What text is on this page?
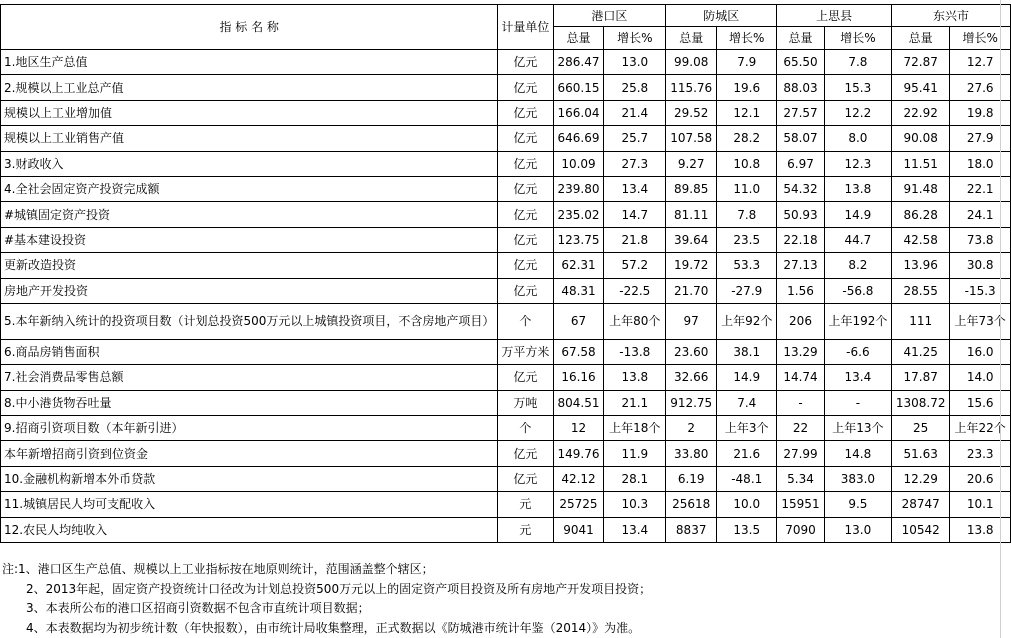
指 标 名 称	计量单位	港口区		防城区		上思县		东兴市	
		总量	增长%	总量	增长%	总量	增长%	总量	增长%
1.地区生产总值	亿元	286.47	13.0	99.08	7.9	65.50	7.8	72.87	12.7
2.规模以上工业总产值	亿元	660.15	25.8	115.76	19.6	88.03	15.3	95.41	27.6
规模以上工业增加值	亿元	166.04	21.4	29.52	12.1	27.57	12.2	22.92	19.8
规模以上工业销售产值	亿元	646.69	25.7	107.58	28.2	58.07	8.0	90.08	27.9
3.财政收入	亿元	10.09	27.3	9.27	10.8	6.97	12.3	11.51	18.0
4.全社会固定资产投资完成额	亿元	239.80	13.4	89.85	11.0	54.32	13.8	91.48	22.1
#城镇固定资产投资	亿元	235.02	14.7	81.11	7.8	50.93	14.9	86.28	24.1
#基本建设投资	亿元	123.75	21.8	39.64	23.5	22.18	44.7	42.58	73.8
更新改造投资	亿元	62.31	57.2	19.72	53.3	27.13	8.2	13.96	30.8
房地产开发投资	亿元	48.31	-22.5	21.70	-27.9	1.56	-56.8	28.55	-15.3
5.本年新纳入统计的投资项目数（计划总投资500万元以上城镇投资项目，不含房地产项目）	个	67	上年80个	97	上年92个	206	上年192个	111	上年73个
6.商品房销售面积	万平方米	67.58	-13.8	23.60	38.1	13.29	-6.6	41.25	16.0
7.社会消费品零售总额	亿元	16.16	13.8	32.66	14.9	14.74	13.4	17.87	14.0
8.中小港货物吞吐量	万吨	804.51	21.1	912.75	7.4	-	-	1308.72	15.6
9.招商引资项目数（本年新引进）	个	12	上年18个	2	上年3个	22	上年13个	25	上年22个
本年新增招商引资到位资金	亿元	149.76	11.9	33.80	21.6	27.99	14.8	51.63	23.3
10.金融机构新增本外币贷款	亿元	42.12	28.1	6.19	-48.1	5.34	383.0	12.29	20.6
11.城镇居民人均可支配收入	元	25725	10.3	25618	10.0	15951	9.5	28747	10.1
12.农民人均纯收入	元	9041	13.4	8837	13.5	7090	13.0	10542	13.8
注:1、港口区生产总值、规模以上工业指标按在地原则统计，范围涵盖整个辖区；
2、2013年起，固定资产投资统计口径改为计划总投资500万元以上的固定资产项目投资及所有房地产开发项目投资；
3、本表所公布的港口区招商引资数据不包含市直统计项目数据；
4、本表数据均为初步统计数（年快报数），由市统计局收集整理，正式数据以《防城港市统计年鉴（2014）》为准。
